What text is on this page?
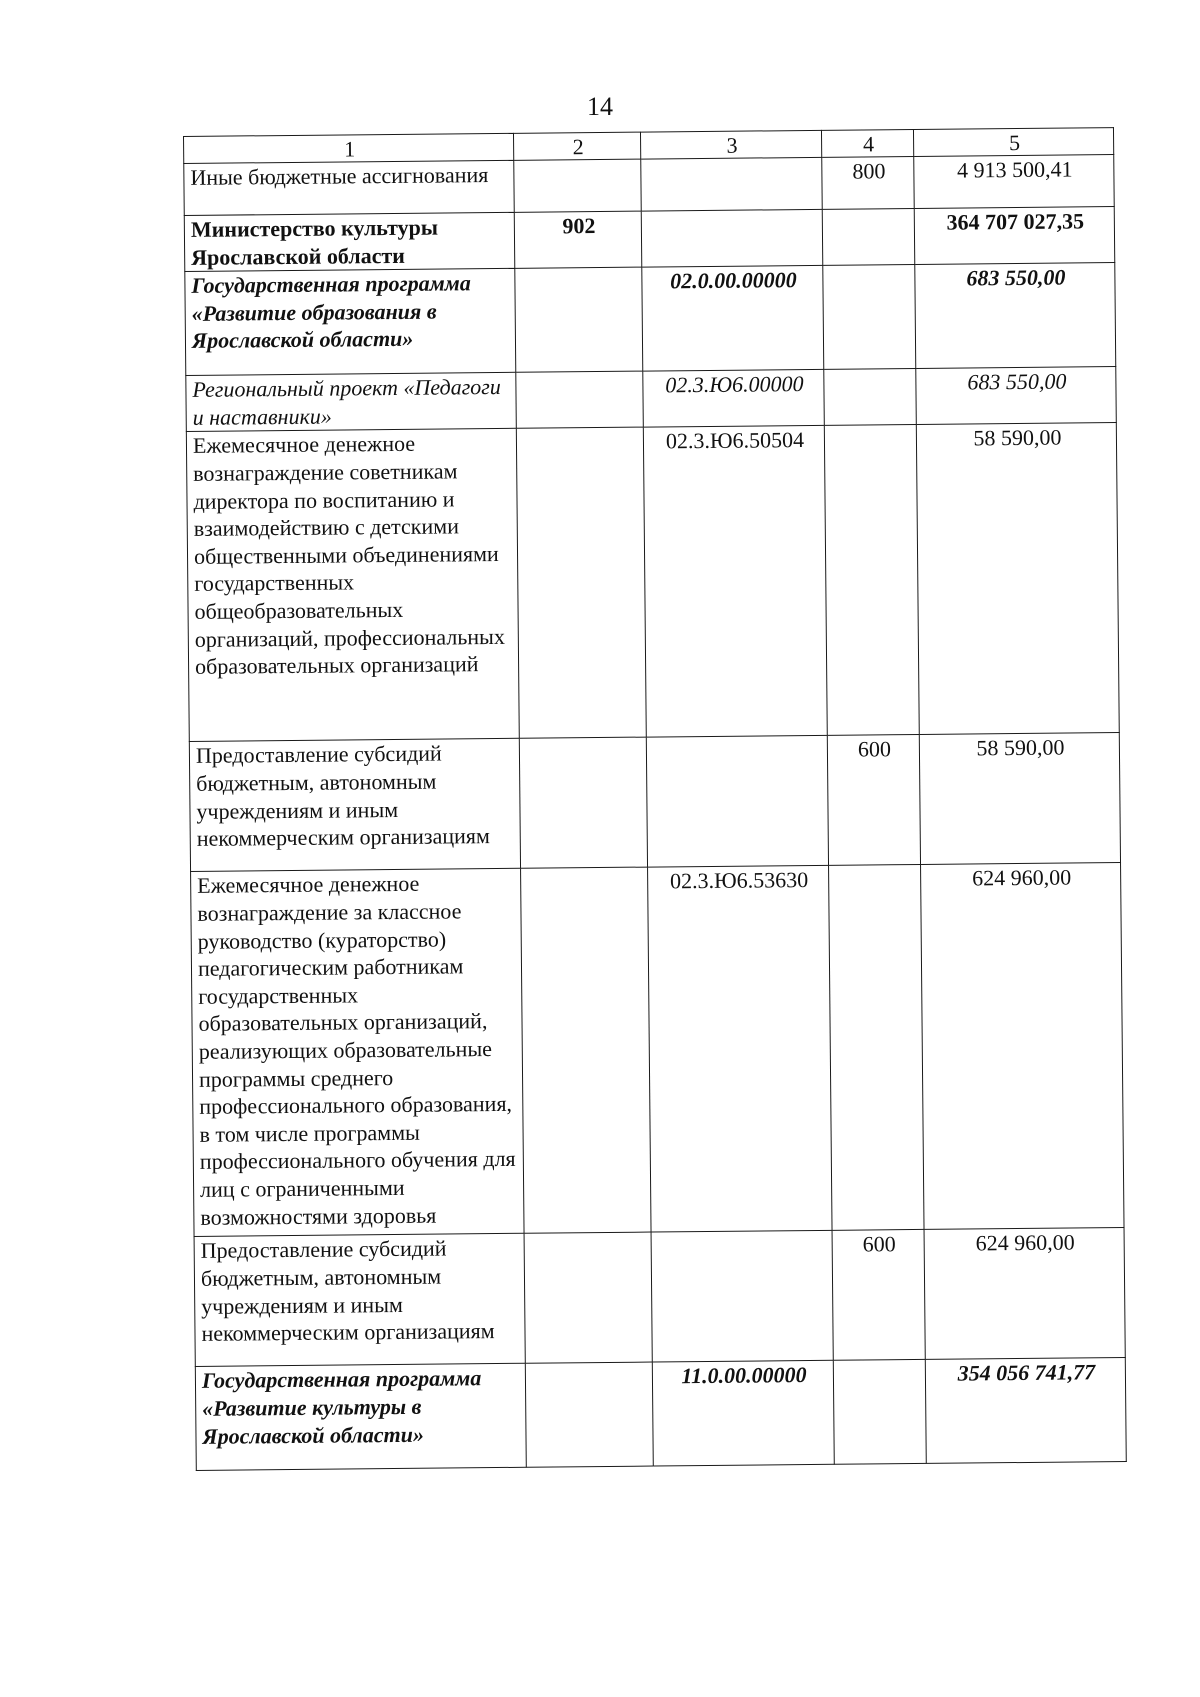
14
1	2	3	4	5
Иные бюджетные ассигнования			800	4 913 500,41
Министерство культуры Ярославской области	902			364 707 027,35
Государственная программа «Развитие образования в Ярославской области»		02.0.00.00000		683 550,00
Региональный проект «Педагоги и наставники»		02.3.Ю6.00000		683 550,00
Ежемесячное денежное вознаграждение советникам директора по воспитанию и взаимодействию с детскими общественными объединениями государственных общеобразовательных организаций, профессиональных образовательных организаций		02.3.Ю6.50504		58 590,00
Предоставление субсидий бюджетным, автономным учреждениям и иным некоммерческим организациям			600	58 590,00
Ежемесячное денежное вознаграждение за классное руководство (кураторство) педагогическим работникам государственных образовательных организаций, реализующих образовательные программы среднего профессионального образования, в том числе программы профессионального обучения для лиц с ограниченными возможностями здоровья		02.3.Ю6.53630		624 960,00
Предоставление субсидий бюджетным, автономным учреждениям и иным некоммерческим организациям			600	624 960,00
Государственная программа «Развитие культуры в Ярославской области»		11.0.00.00000		354 056 741,77
